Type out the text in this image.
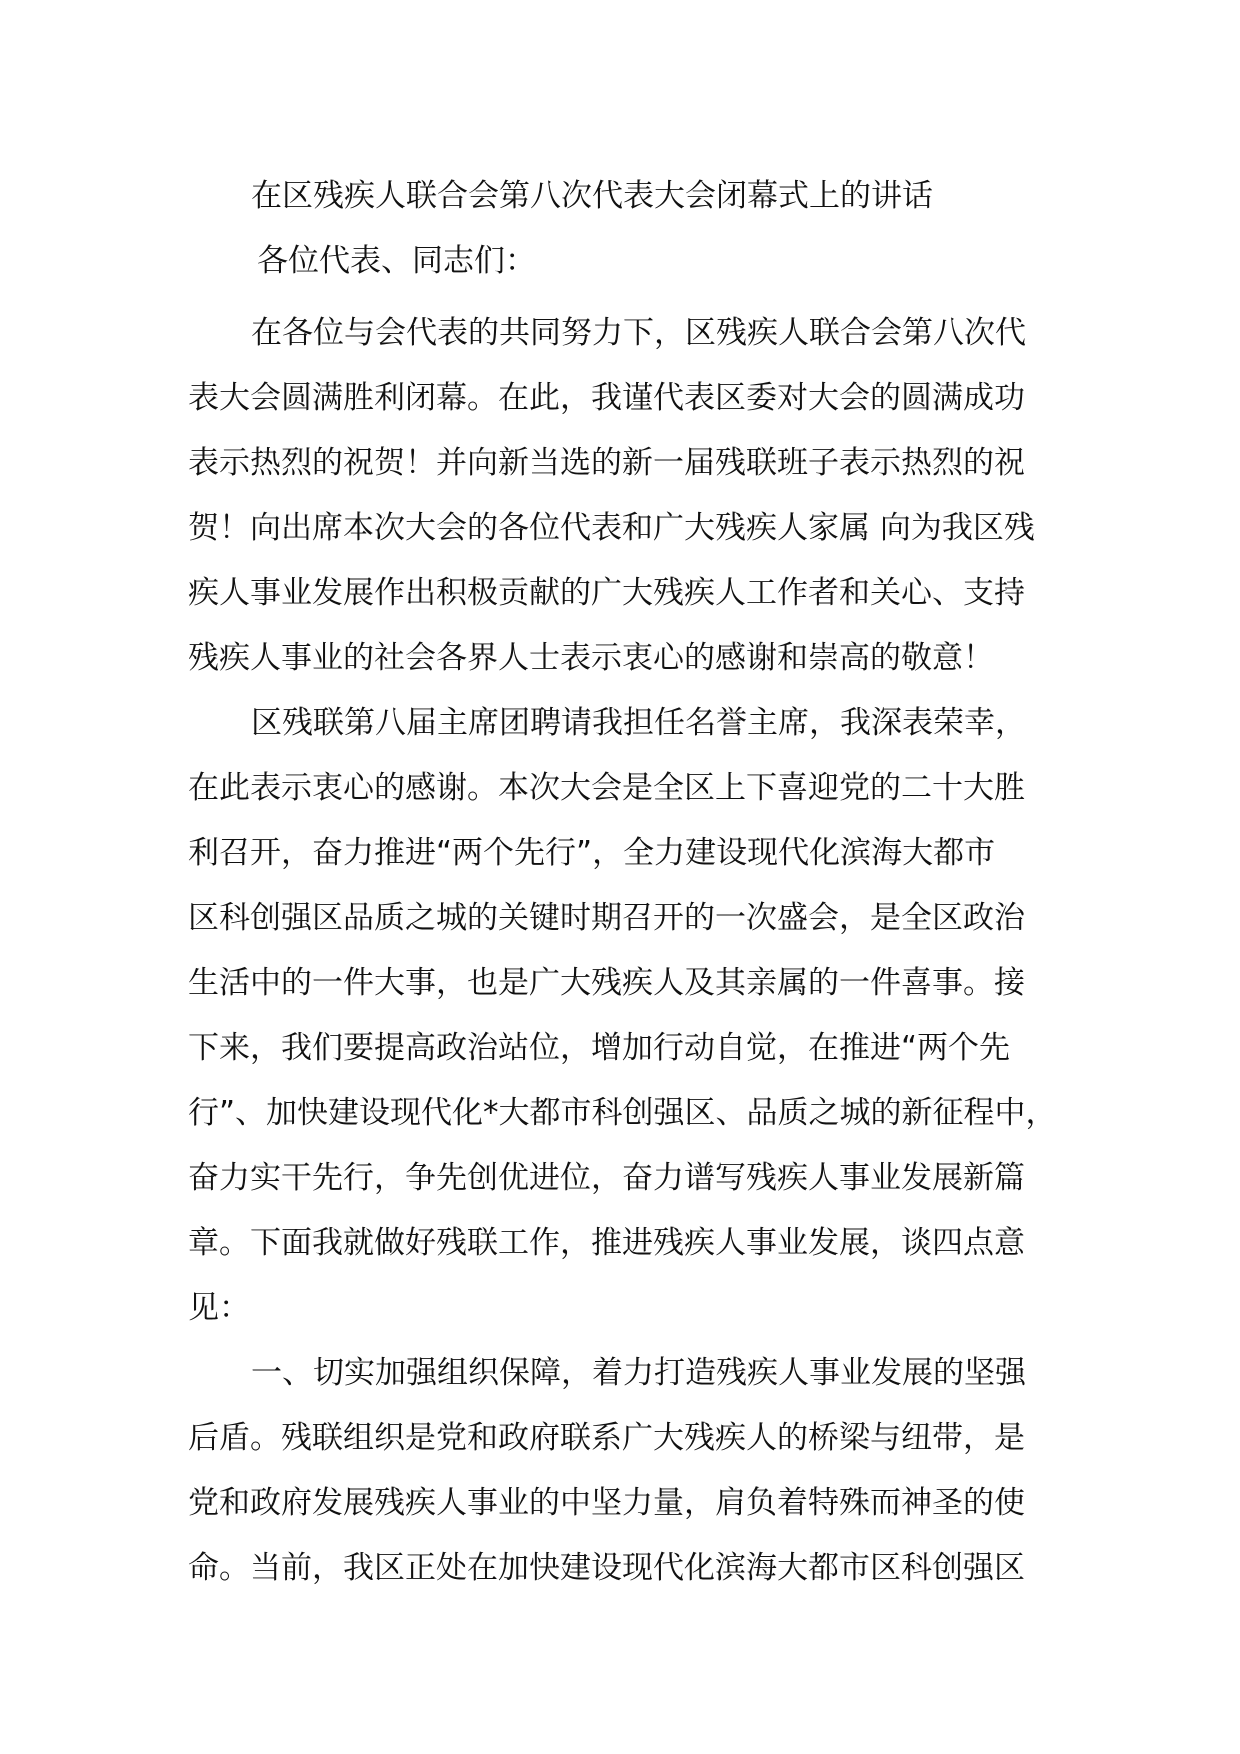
在区残疾人联合会第八次代表大会闭幕式上的讲话

各位代表、同志们：

在各位与会代表的共同努力下，区残疾人联合会第八次代
表大会圆满胜利闭幕。在此，我谨代表区委对大会的圆满成功
表示热烈的祝贺！并向新当选的新一届残联班子表示热烈的祝
贺！向出席本次大会的各位代表和广大残疾人家属 向为我区残
疾人事业发展作出积极贡献的广大残疾人工作者和关心、支持
残疾人事业的社会各界人士表示衷心的感谢和崇高的敬意！

区残联第八届主席团聘请我担任名誉主席，我深表荣幸，
在此表示衷心的感谢。本次大会是全区上下喜迎党的二十大胜
利召开，奋力推进“两个先行”，全力建设现代化滨海大都市
区科创强区品质之城的关键时期召开的一次盛会，是全区政治
生活中的一件大事，也是广大残疾人及其亲属的一件喜事。接
下来，我们要提高政治站位，增加行动自觉，在推进“两个先
行”、加快建设现代化*大都市科创强区、品质之城的新征程中，
奋力实干先行，争先创优进位，奋力谱写残疾人事业发展新篇
章。下面我就做好残联工作，推进残疾人事业发展，谈四点意
见：

一、切实加强组织保障，着力打造残疾人事业发展的坚强
后盾。残联组织是党和政府联系广大残疾人的桥梁与纽带，是
党和政府发展残疾人事业的中坚力量，肩负着特殊而神圣的使
命。当前，我区正处在加快建设现代化滨海大都市区科创强区
